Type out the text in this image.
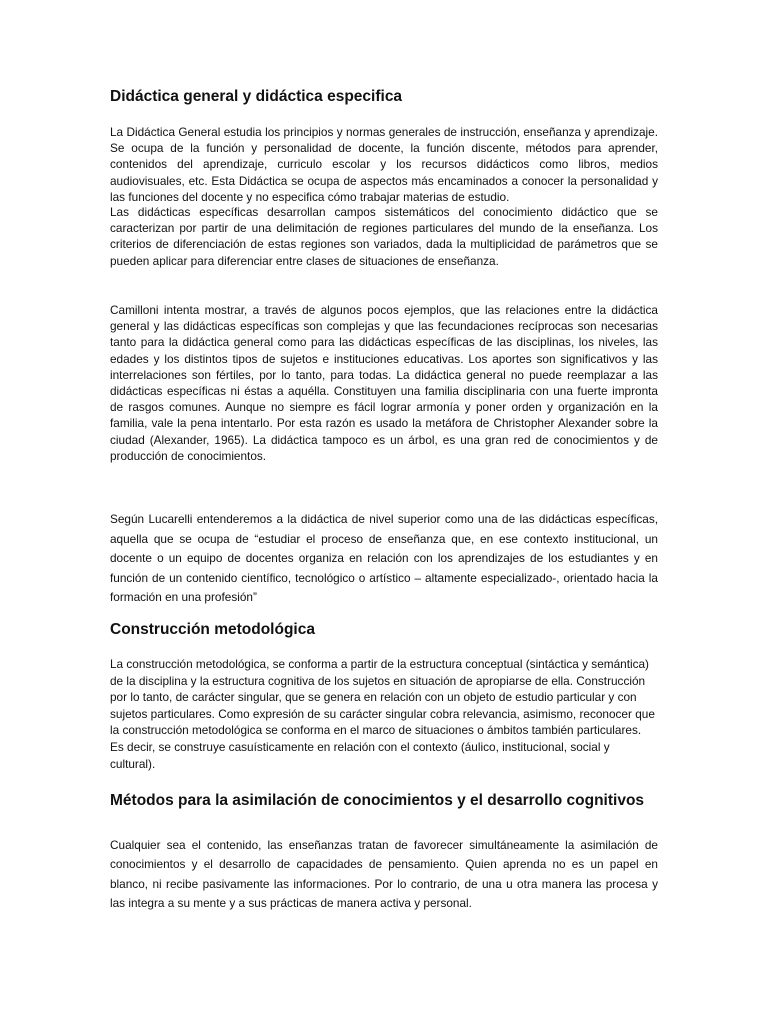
Didáctica general y didáctica especifica

La Didáctica General estudia los principios y normas generales de instrucción, enseñanza y aprendizaje. Se ocupa de la función y personalidad de docente, la función discente, métodos para aprender, contenidos del aprendizaje, curriculo escolar y los recursos didácticos como libros, medios audiovisuales, etc. Esta Didáctica se ocupa de aspectos más encaminados a conocer la personalidad y las funciones del docente y no especifica cómo trabajar materias de estudio.

Las didácticas específicas desarrollan campos sistemáticos del conocimiento didáctico que se caracterizan por partir de una delimitación de regiones particulares del mundo de la enseñanza. Los criterios de diferenciación de estas regiones son variados, dada la multiplicidad de parámetros que se pueden aplicar para diferenciar entre clases de situaciones de enseñanza.

Camilloni intenta mostrar, a través de algunos pocos ejemplos, que las relaciones entre la didáctica general y las didácticas específicas son complejas y que las fecundaciones recíprocas son necesarias tanto para la didáctica general como para las didácticas específicas de las disciplinas, los niveles, las edades y los distintos tipos de sujetos e instituciones educativas. Los aportes son significativos y las interrelaciones son fértiles, por lo tanto, para todas. La didáctica general no puede reemplazar a las didácticas específicas ni éstas a aquélla. Constituyen una familia disciplinaria con una fuerte impronta de rasgos comunes. Aunque no siempre es fácil lograr armonía y poner orden y organización en la familia, vale la pena intentarlo. Por esta razón es usado la metáfora de Christopher Alexander sobre la ciudad (Alexander, 1965). La didáctica tampoco es un árbol, es una gran red de conocimientos y de producción de conocimientos.

Según Lucarelli entenderemos a la didáctica de nivel superior como una de las didácticas específicas, aquella que se ocupa de “estudiar el proceso de enseñanza que, en ese contexto institucional, un docente o un equipo de docentes organiza en relación con los aprendizajes de los estudiantes y en función de un contenido científico, tecnológico o artístico – altamente especializado-, orientado hacia la formación en una profesión”

Construcción metodológica

La construcción metodológica, se conforma a partir de la estructura conceptual (sintáctica y semántica) de la disciplina y la estructura cognitiva de los sujetos en situación de apropiarse de ella. Construcción por lo tanto, de carácter singular, que se genera en relación con un objeto de estudio particular y con sujetos particulares. Como expresión de su carácter singular cobra relevancia, asimismo, reconocer que la construcción metodológica se conforma en el marco de situaciones o ámbitos también particulares. Es decir, se construye casuísticamente en relación con el contexto (áulico, institucional, social y cultural).

Métodos para la asimilación de conocimientos y el desarrollo cognitivos

Cualquier sea el contenido, las enseñanzas tratan de favorecer simultáneamente la asimilación de conocimientos y el desarrollo de capacidades de pensamiento. Quien aprenda no es un papel en blanco, ni recibe pasivamente las informaciones. Por lo contrario, de una u otra manera las procesa y las integra a su mente y a sus prácticas de manera activa y personal.
